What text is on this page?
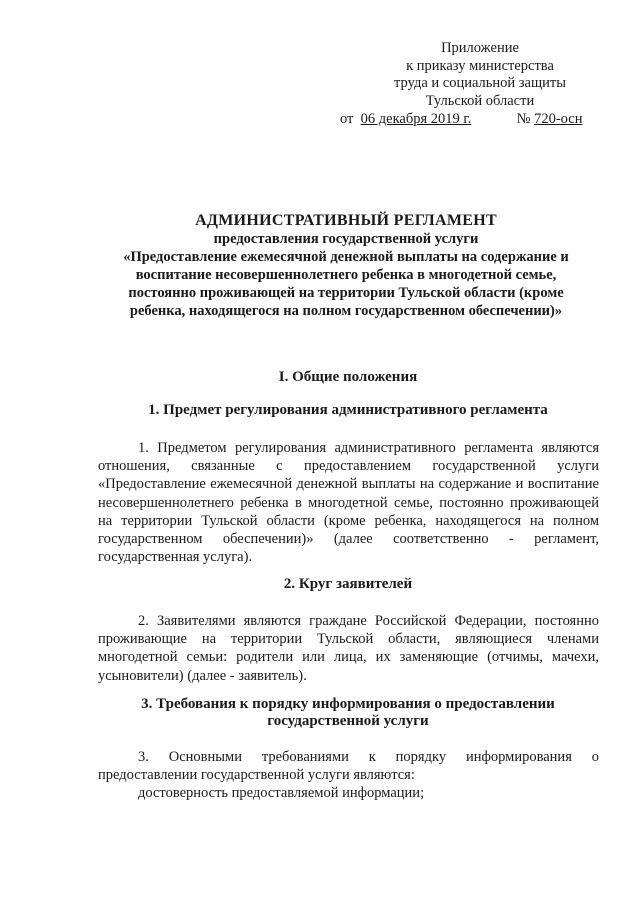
Приложение
к приказу министерства
труда и социальной защиты
Тульской области
от 06 декабря 2019 г.	№ 720-осн
АДМИНИСТРАТИВНЫЙ РЕГЛАМЕНТ
предоставления государственной услуги
«Предоставление ежемесячной денежной выплаты на содержание и
воспитание несовершеннолетнего ребенка в многодетной семье,
постоянно проживающей на территории Тульской области (кроме
ребенка, находящегося на полном государственном обеспечении)»
I. Общие положения
1. Предмет регулирования административного регламента

1. Предметом регулирования административного регламента являются отношения, связанные с предоставлением государственной услуги «Предоставление ежемесячной денежной выплаты на содержание и воспитание несовершеннолетнего ребенка в многодетной семье, постоянно проживающей на территории Тульской области (кроме ребенка, находящегося на полном государственном обеспечении)» (далее соответственно - регламент, государственная услуга).

2. Круг заявителей

2. Заявителями являются граждане Российской Федерации, постоянно проживающие на территории Тульской области, являющиеся членами многодетной семьи: родители или лица, их заменяющие (отчимы, мачехи, усыновители) (далее - заявитель).

3. Требования к порядку информирования о предоставлении
государственной услуги

3. Основными требованиями к порядку информирования о предоставлении государственной услуги являются:

достоверность предоставляемой информации;
